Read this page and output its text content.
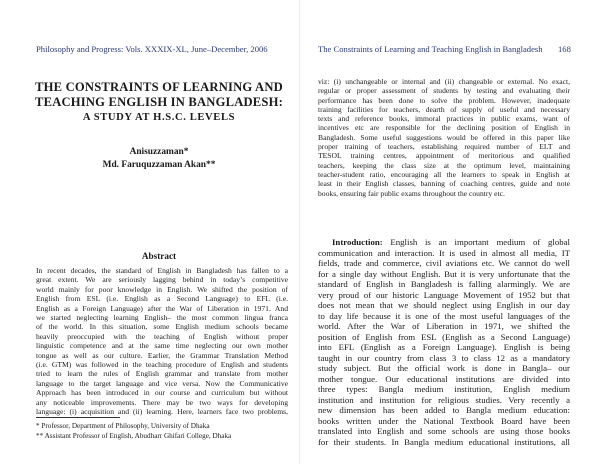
Philosophy and Progress: Vols. XXXIX-XL, June–December, 2006
THE CONSTRAINTS OF LEARNING AND
TEACHING ENGLISH IN BANGLADESH:
A STUDY AT H.S.C. LEVELS
Anisuzzaman*
Md. Faruquzzaman Akan**
Abstract
In recent decades, the standard of English in Bangladesh has fallen to a
great extent. We are seriously lagging behind in today’s competitive
world mainly for poor knowledge in English. We shifted the position of
English from ESL (i.e. English as a Second Language) to EFL (i.e.
English as a Foreign Language) after the War of Liberation in 1971. And
we started neglecting learning English– the most common lingua franca
of the world. In this situation, some English medium schools became
heavily preoccupied with the teaching of English without proper
linguistic competence and at the same time neglecting our own mother
tongue as well as our culture. Earlier, the Grammar Translation Method
(i.e. GTM) was followed in the teaching procedure of English and students
tried to learn the rules of English grammar and translate from mother
language to the target language and vice versa. Now the Communicative
Approach has been introduced in our course and curriculum but without
any noticeable improvements. There may be two ways for developing
language: (i) acquisition and (ii) learning. Here, learners face two problems,
* Professor, Department of Philosophy, University of Dhaka
** Assistant Professor of English, Abudharr Ghifari College, Dhaka
The Constraints of Learning and Teaching English in Bangladesh 168
viz: (i) unchangeable or internal and (ii) changeable or external. No exact,
regular or proper assessment of students by testing and evaluating their
performance has been done to solve the problem. However, inadequate
training facilities for teachers, dearth of supply of useful and necessary
texts and reference books, immoral practices in public exams, want of
incentives etc are responsible for the declining position of English in
Bangladesh. Some useful suggestions would be offered in this paper like
proper training of teachers, establishing required number of ELT and
TESOL training centres, appointment of meritorious and qualified
teachers, keeping the class size at the optimum level, maintaining
teacher-student ratio, encouraging all the learners to speak in English at
least in their English classes, banning of coaching centres, guide and note
books, ensuring fair public exams throughout the country etc.
Introduction: English is an important medium of global
communication and interaction. It is used in almost all media, IT
fields, trade and commerce, civil aviations etc. We cannot do well
for a single day without English. But it is very unfortunate that the
standard of English in Bangladesh is falling alarmingly. We are
very proud of our historic Language Movement of 1952 but that
does not mean that we should neglect using English in our day
to day life because it is one of the most useful languages of the
world. After the War of Liberation in 1971, we shifted the
position of English from ESL (English as a Second Language)
into EFL (English as a Foreign Language). English is being
taught in our country from class 3 to class 12 as a mandatory
study subject. But the official work is done in Bangla– our
mother tongue. Our educational institutions are divided into
three types: Bangla medium institution, English medium
institution and institution for religious studies. Very recently a
new dimension has been added to Bangla medium education:
books written under the National Textbook Board have been
translated into English and some schools are using those books
for their students. In Bangla medium educational institutions, all
